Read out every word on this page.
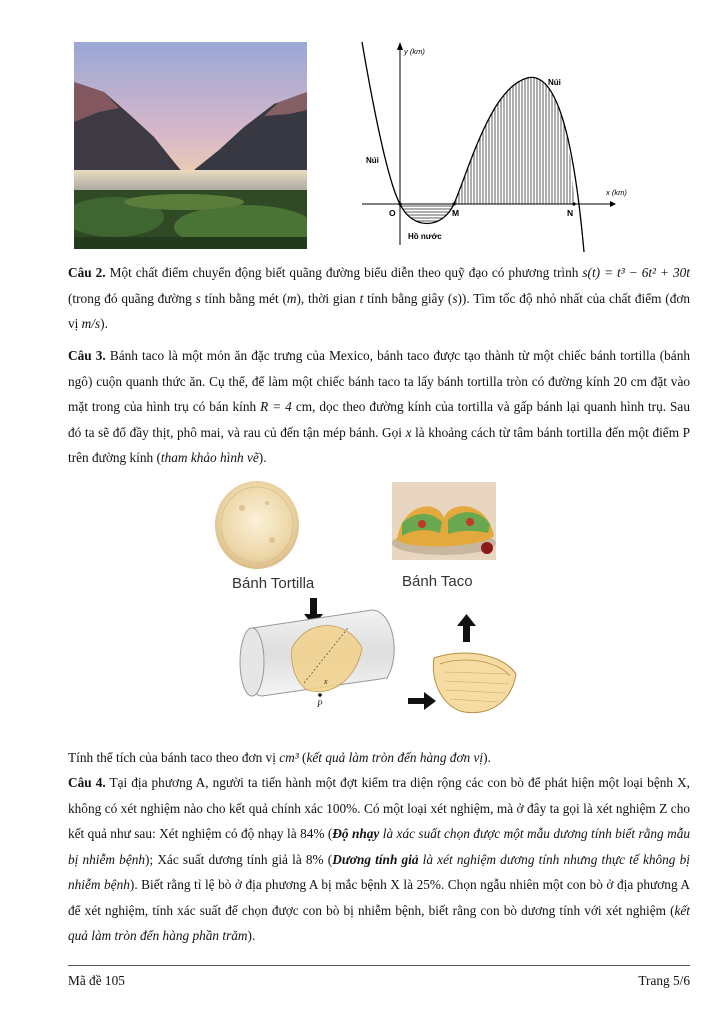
y (km)
x (km)
Núi
Núi
Hồ nước
O	M	N

Câu 2. Một chất điểm chuyển động biết quãng đường biểu diễn theo quỹ đạo có phương trình s(t) = t³ − 6t² + 30t (trong đó quãng đường s tính bằng mét (m), thời gian t tính bằng giây (s)). Tìm tốc độ nhỏ nhất của chất điểm (đơn vị m/s).

Câu 3. Bánh taco là một món ăn đặc trưng của Mexico, bánh taco được tạo thành từ một chiếc bánh tortilla (bánh ngô) cuộn quanh thức ăn. Cụ thể, để làm một chiếc bánh taco ta lấy bánh tortilla tròn có đường kính 20 cm đặt vào mặt trong của hình trụ có bán kính R = 4 cm, dọc theo đường kính của tortilla và gấp bánh lại quanh hình trụ. Sau đó ta sẽ đổ đầy thịt, phô mai, và rau củ đến tận mép bánh. Gọi x là khoảng cách từ tâm bánh tortilla đến một điểm P trên đường kính (tham khảo hình vẽ).

Bánh Tortilla	Bánh Taco
x
P

Tính thể tích của bánh taco theo đơn vị cm³ (kết quả làm tròn đến hàng đơn vị).

Câu 4. Tại địa phương A, người ta tiến hành một đợt kiểm tra diện rộng các con bò để phát hiện một loại bệnh X, không có xét nghiệm nào cho kết quả chính xác 100%. Có một loại xét nghiệm, mà ở đây ta gọi là xét nghiệm Z cho kết quả như sau: Xét nghiệm có độ nhạy là 84% (Độ nhạy là xác suất chọn được một mẫu dương tính biết rằng mẫu bị nhiễm bệnh); Xác suất dương tính giả là 8% (Dương tính giả là xét nghiệm dương tính nhưng thực tế không bị nhiễm bệnh). Biết rằng tỉ lệ bò ở địa phương A bị mắc bệnh X là 25%. Chọn ngẫu nhiên một con bò ở địa phương A để xét nghiệm, tính xác suất để chọn được con bò bị nhiễm bệnh, biết rằng con bò dương tính với xét nghiệm (kết quả làm tròn đến hàng phần trăm).

Mã đề 105	Trang 5/6
